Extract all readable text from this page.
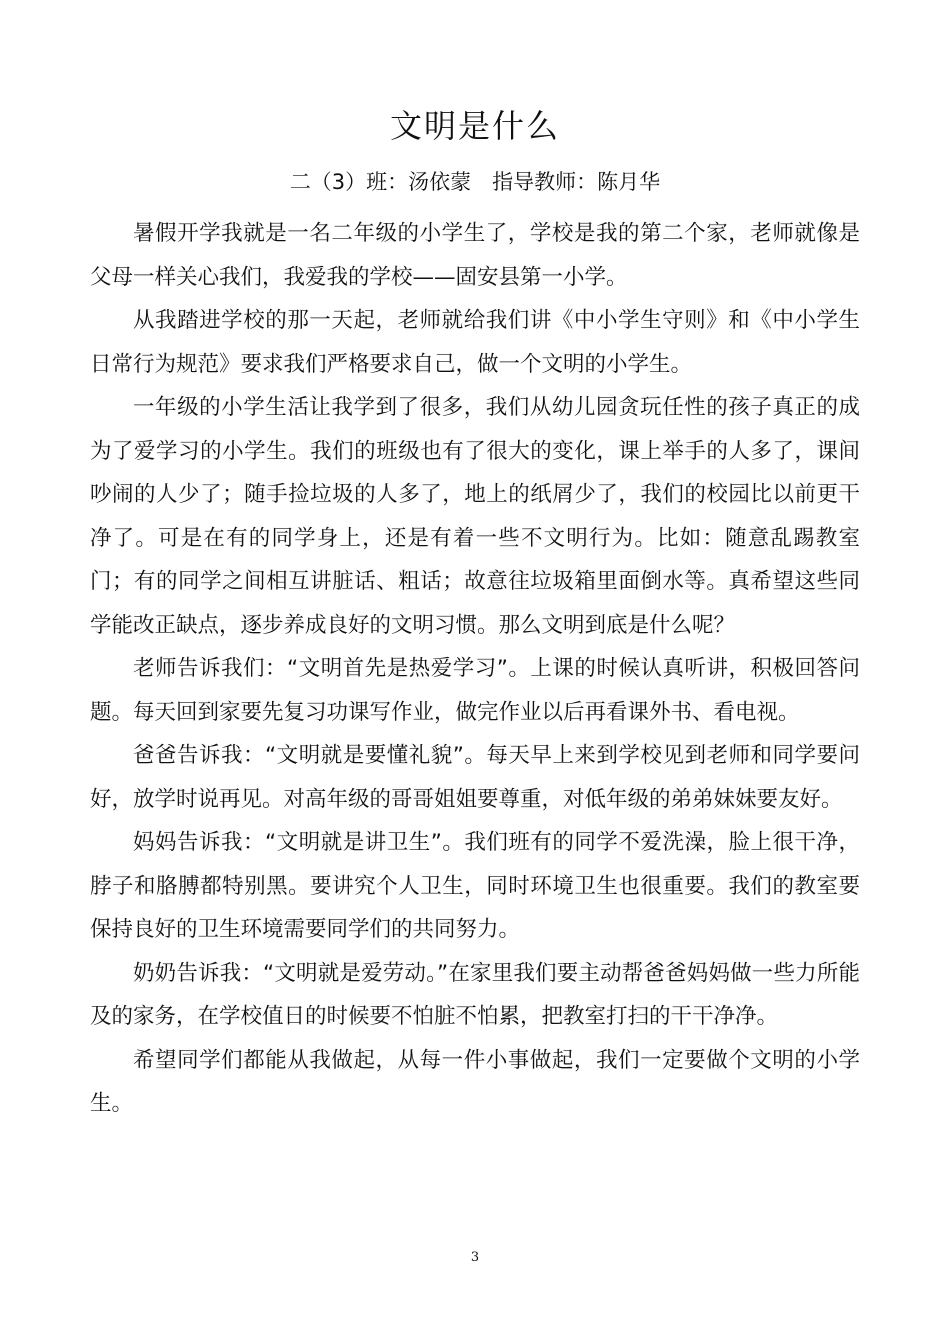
文明是什么
二（3）班：汤依蒙　指导教师：陈月华

暑假开学我就是一名二年级的小学生了，学校是我的第二个家，老师就像是父母一样关心我们，我爱我的学校——固安县第一小学。

从我踏进学校的那一天起，老师就给我们讲《中小学生守则》和《中小学生日常行为规范》要求我们严格要求自己，做一个文明的小学生。

一年级的小学生活让我学到了很多，我们从幼儿园贪玩任性的孩子真正的成为了爱学习的小学生。我们的班级也有了很大的变化，课上举手的人多了，课间吵闹的人少了；随手捡垃圾的人多了，地上的纸屑少了，我们的校园比以前更干净了。可是在有的同学身上，还是有着一些不文明行为。比如：随意乱踢教室门；有的同学之间相互讲脏话、粗话；故意往垃圾箱里面倒水等。真希望这些同学能改正缺点，逐步养成良好的文明习惯。那么文明到底是什么呢？

老师告诉我们：“文明首先是热爱学习”。上课的时候认真听讲，积极回答问题。每天回到家要先复习功课写作业，做完作业以后再看课外书、看电视。

爸爸告诉我：“文明就是要懂礼貌”。每天早上来到学校见到老师和同学要问好，放学时说再见。对高年级的哥哥姐姐要尊重，对低年级的弟弟妹妹要友好。

妈妈告诉我：“文明就是讲卫生”。我们班有的同学不爱洗澡，脸上很干净，脖子和胳膊都特别黑。要讲究个人卫生，同时环境卫生也很重要。我们的教室要保持良好的卫生环境需要同学们的共同努力。

奶奶告诉我：“文明就是爱劳动。”在家里我们要主动帮爸爸妈妈做一些力所能及的家务，在学校值日的时候要不怕脏不怕累，把教室打扫的干干净净。

希望同学们都能从我做起，从每一件小事做起，我们一定要做个文明的小学生。

3
